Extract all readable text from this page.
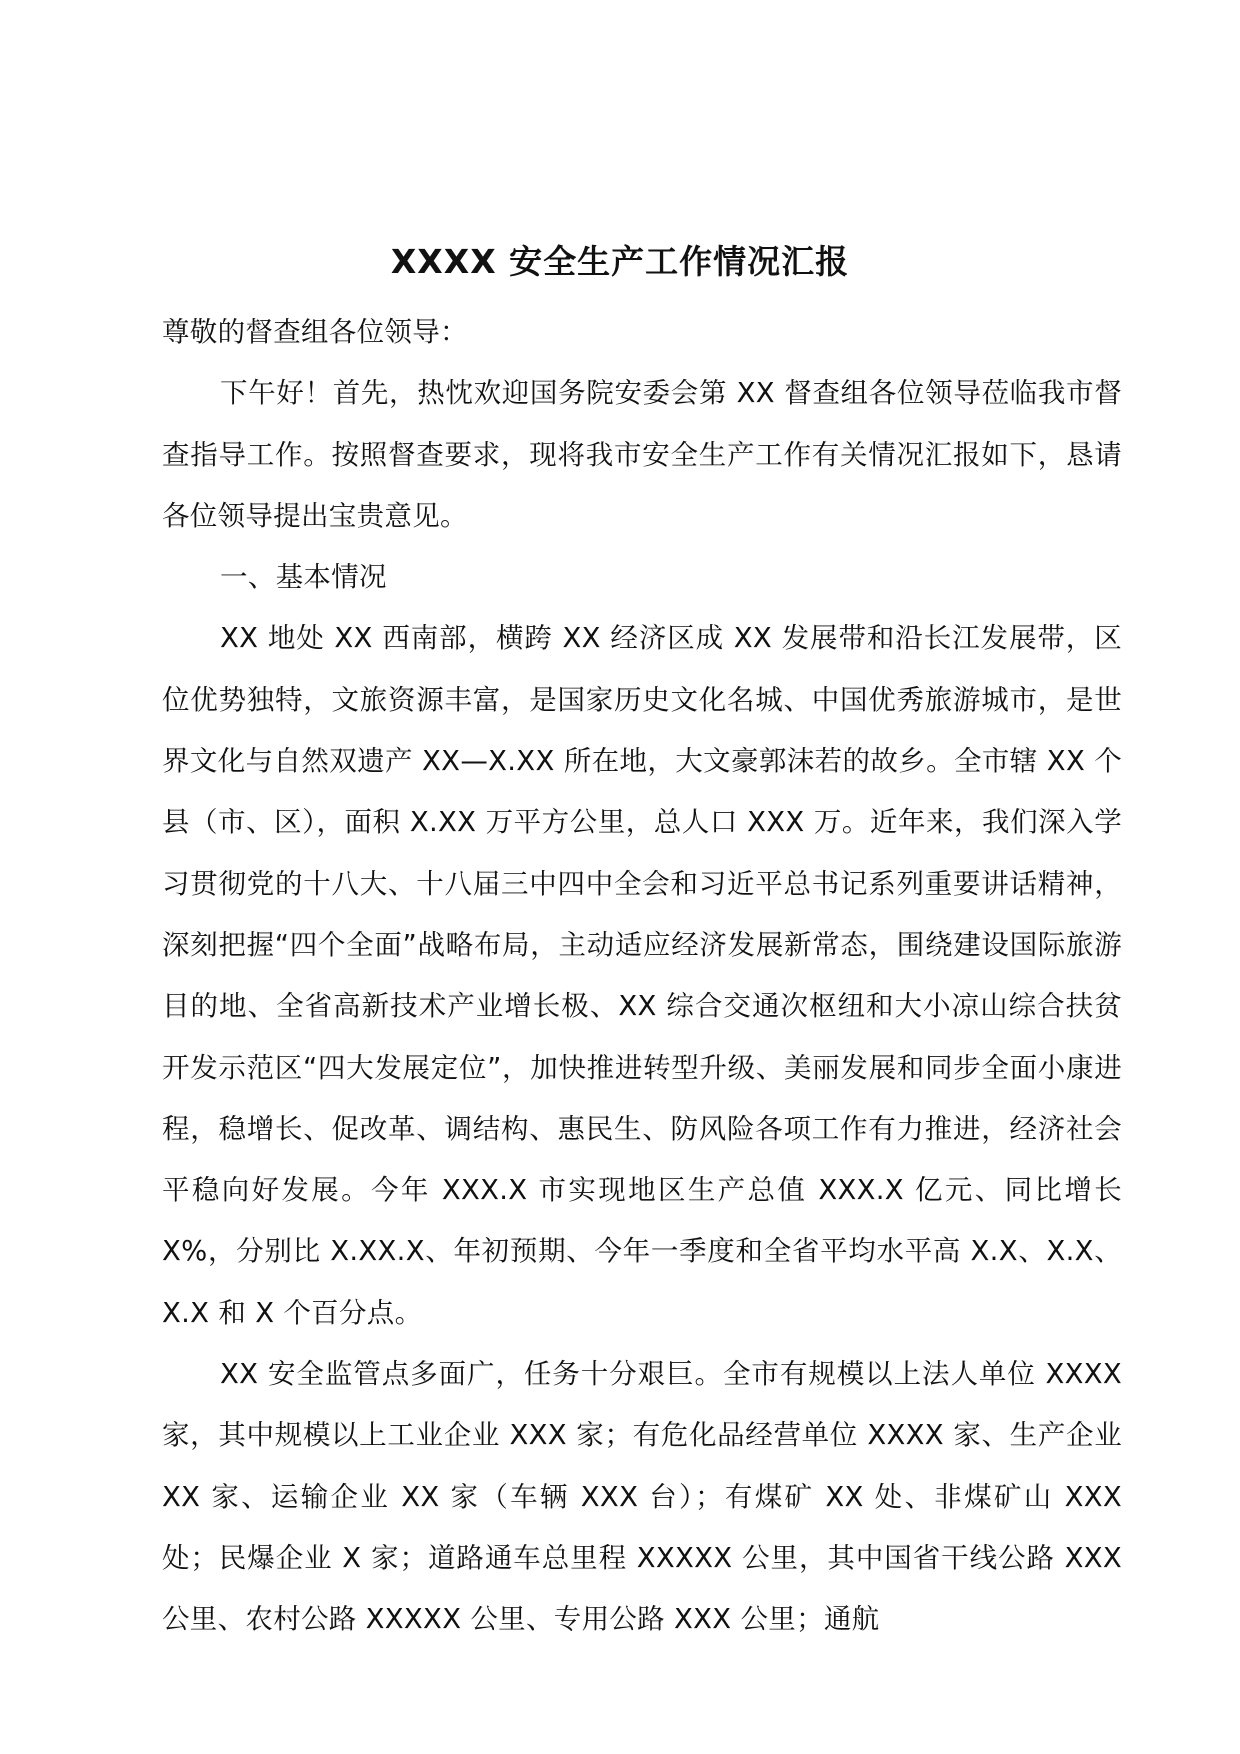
XXXX 安全生产工作情况汇报

尊敬的督查组各位领导：

下午好！首先，热忱欢迎国务院安委会第 XX 督查组各位领导莅临我市督查指导工作。按照督查要求，现将我市安全生产工作有关情况汇报如下，恳请各位领导提出宝贵意见。

一、基本情况

XX 地处 XX 西南部，横跨 XX 经济区成 XX 发展带和沿长江发展带，区位优势独特，文旅资源丰富，是国家历史文化名城、中国优秀旅游城市，是世界文化与自然双遗产 XX—X.XX 所在地，大文豪郭沫若的故乡。全市辖 XX 个县（市、区），面积 X.XX 万平方公里，总人口 XXX 万。近年来，我们深入学习贯彻党的十八大、十八届三中四中全会和习近平总书记系列重要讲话精神，深刻把握“四个全面”战略布局，主动适应经济发展新常态，围绕建设国际旅游目的地、全省高新技术产业增长极、XX 综合交通次枢纽和大小凉山综合扶贫开发示范区“四大发展定位”，加快推进转型升级、美丽发展和同步全面小康进程，稳增长、促改革、调结构、惠民生、防风险各项工作有力推进，经济社会平稳向好发展。今年 XXX.X 市实现地区生产总值 XXX.X 亿元、同比增长 X%，分别比 X.XX.X、年初预期、今年一季度和全省平均水平高 X.X、X.X、X.X 和 X 个百分点。

XX 安全监管点多面广，任务十分艰巨。全市有规模以上法人单位 XXXX 家，其中规模以上工业企业 XXX 家；有危化品经营单位 XXXX 家、生产企业 XX 家、运输企业 XX 家（车辆 XXX 台）；有煤矿 XX 处、非煤矿山 XXX 处；民爆企业 X 家；道路通车总里程 XXXXX 公里，其中国省干线公路 XXX 公里、农村公路 XXXXX 公里、专用公路 XXX 公里；通航
